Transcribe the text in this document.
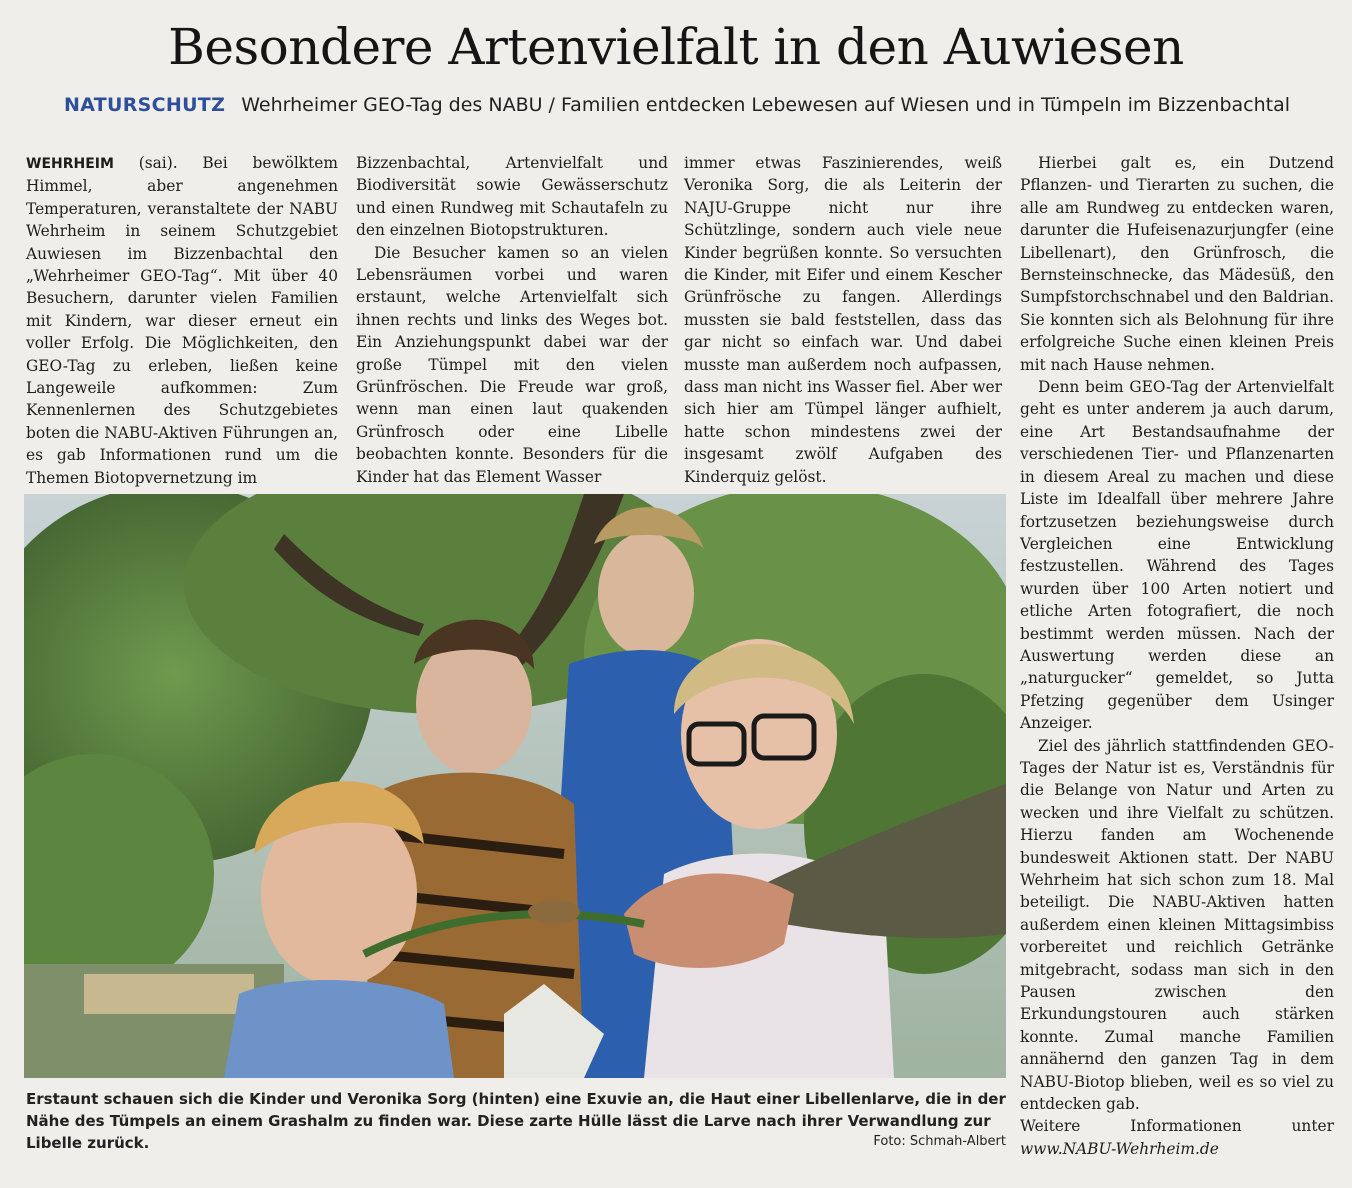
Besondere Artenvielfalt in den Auwiesen
NATURSCHUTZ Wehrheimer GEO-Tag des NABU / Familien entdecken Lebewesen auf Wiesen und in Tümpeln im Bizzenbachtal

WEHRHEIM (sai). Bei bewölktem Himmel, aber angenehmen Temperaturen, veranstaltete der NABU Wehrheim in seinem Schutzgebiet Auwiesen im Bizzenbachtal den „Wehrheimer GEO-Tag“. Mit über 40 Besuchern, darunter vielen Familien mit Kindern, war dieser erneut ein voller Erfolg. Die Möglichkeiten, den GEO-Tag zu erleben, ließen keine Langeweile aufkommen: Zum Kennenlernen des Schutzgebietes boten die NABU-Aktiven Führungen an, es gab Informationen rund um die Themen Biotopvernetzung im

Bizzenbachtal, Artenvielfalt und Biodiversität sowie Gewässerschutz und einen Rundweg mit Schautafeln zu den einzelnen Biotopstrukturen.

Die Besucher kamen so an vielen Lebensräumen vorbei und waren erstaunt, welche Artenvielfalt sich ihnen rechts und links des Weges bot. Ein Anziehungspunkt dabei war der große Tümpel mit den vielen Grünfröschen. Die Freude war groß, wenn man einen laut quakenden Grünfrosch oder eine Libelle beobachten konnte. Besonders für die Kinder hat das Element Wasser

immer etwas Faszinierendes, weiß Veronika Sorg, die als Leiterin der NAJU-Gruppe nicht nur ihre Schützlinge, sondern auch viele neue Kinder begrüßen konnte. So versuchten die Kinder, mit Eifer und einem Kescher Grünfrösche zu fangen. Allerdings mussten sie bald feststellen, dass das gar nicht so einfach war. Und dabei musste man außerdem noch aufpassen, dass man nicht ins Wasser fiel. Aber wer sich hier am Tümpel länger aufhielt, hatte schon mindestens zwei der insgesamt zwölf Aufgaben des Kinderquiz gelöst.

Hierbei galt es, ein Dutzend Pflanzen- und Tierarten zu suchen, die alle am Rundweg zu entdecken waren, darunter die Hufeisenazurjungfer (eine Libellenart), den Grünfrosch, die Bernsteinschnecke, das Mädesüß, den Sumpfstorchschnabel und den Baldrian. Sie konnten sich als Belohnung für ihre erfolgreiche Suche einen kleinen Preis mit nach Hause nehmen.

Denn beim GEO-Tag der Artenvielfalt geht es unter anderem ja auch darum, eine Art Bestandsaufnahme der verschiedenen Tier- und Pflanzenarten in diesem Areal zu machen und diese Liste im Idealfall über mehrere Jahre fortzusetzen beziehungsweise durch Vergleichen eine Entwicklung festzustellen. Während des Tages wurden über 100 Arten notiert und etliche Arten fotografiert, die noch bestimmt werden müssen. Nach der Auswertung werden diese an „naturgucker“ gemeldet, so Jutta Pfetzing gegenüber dem Usinger Anzeiger.

Ziel des jährlich stattfindenden GEO-Tages der Natur ist es, Verständnis für die Belange von Natur und Arten zu wecken und ihre Vielfalt zu schützen. Hierzu fanden am Wochenende bundesweit Aktionen statt. Der NABU Wehrheim hat sich schon zum 18. Mal beteiligt. Die NABU-Aktiven hatten außerdem einen kleinen Mittagsimbiss vorbereitet und reichlich Getränke mitgebracht, sodass man sich in den Pausen zwischen den Erkundungstouren auch stärken konnte. Zumal manche Familien annähernd den ganzen Tag in dem NABU-Biotop blieben, weil es so viel zu entdecken gab.

Weitere	Informationen	unter
www.NABU-Wehrheim.de
Erstaunt schauen sich die Kinder und Veronika Sorg (hinten) eine Exuvie an, die Haut einer Libellenlarve, die in der Nähe des Tümpels an einem Grashalm zu finden war. Diese zarte Hülle lässt die Larve nach ihrer Verwandlung zur Libelle zurück.	Foto: Schmah-Albert
